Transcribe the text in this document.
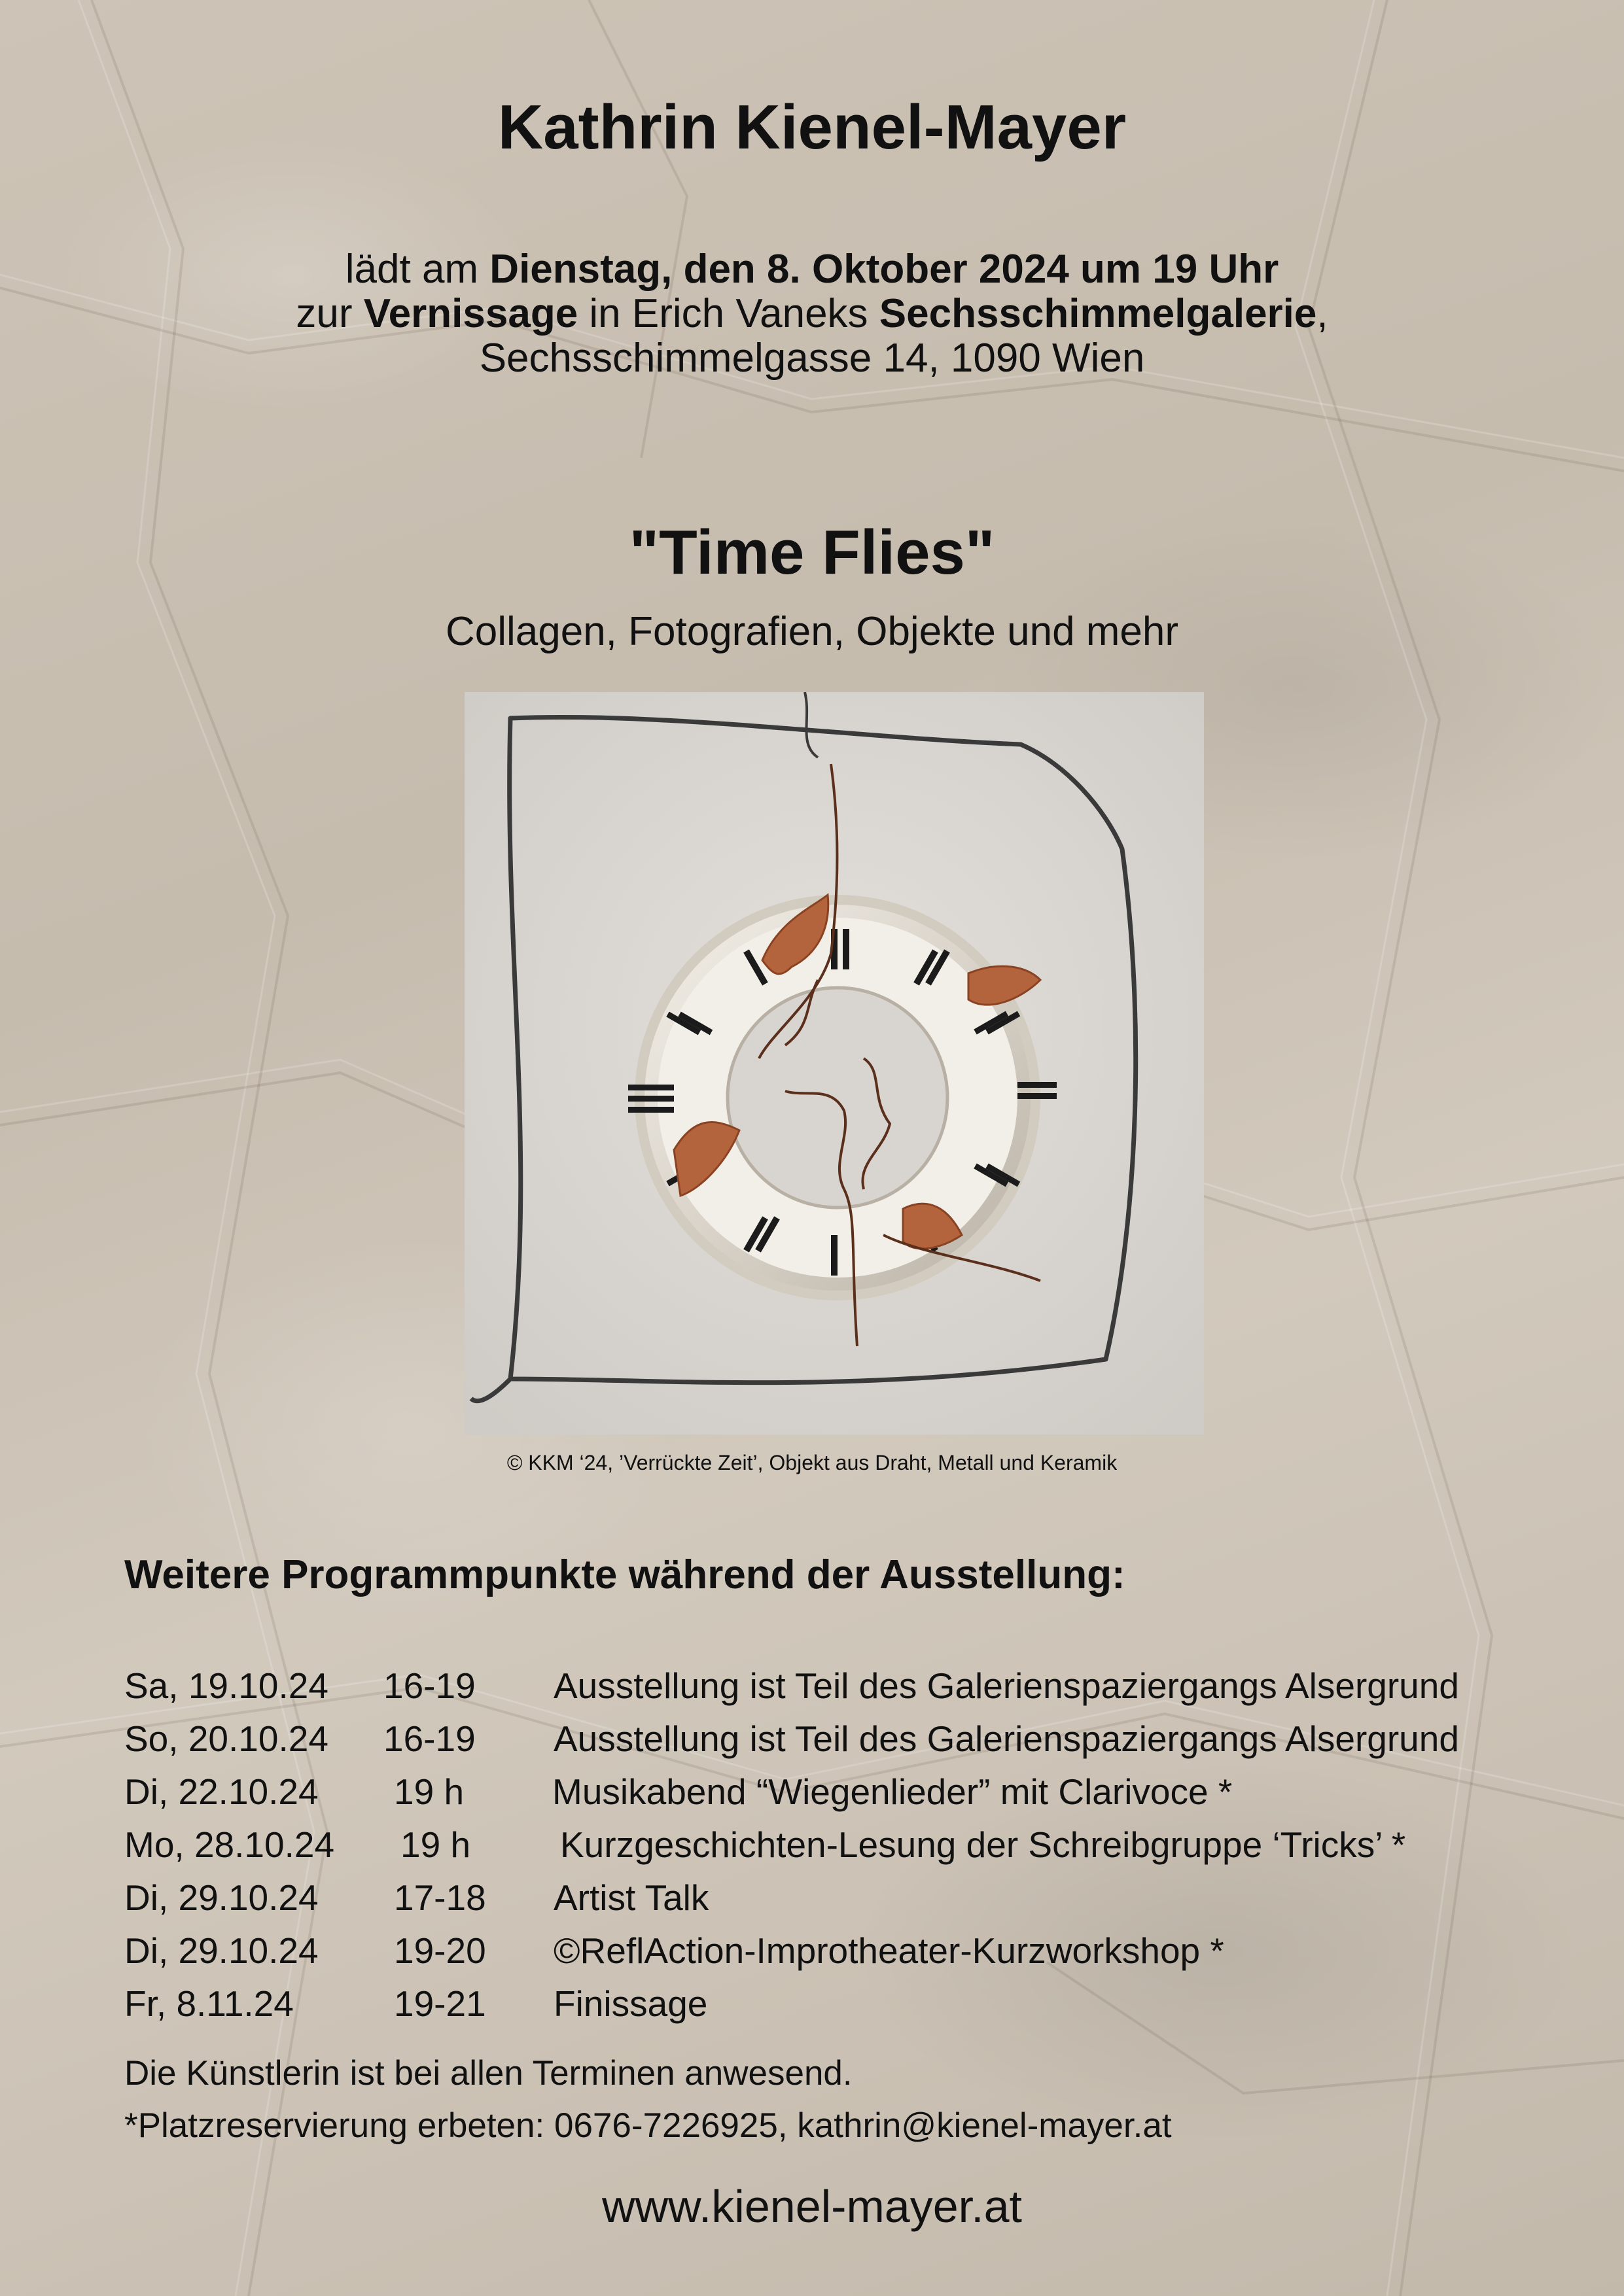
Kathrin Kienel-Mayer
lädt am Dienstag, den 8. Oktober 2024 um 19 Uhr
zur Vernissage in Erich Vaneks Sechsschimmelgalerie,
Sechsschimmelgasse 14, 1090 Wien
"Time Flies"
Collagen, Fotografien, Objekte und mehr
© KKM ‘24, ’Verrückte Zeit’, Objekt aus Draht, Metall und Keramik
Weitere Programmpunkte während der Ausstellung:
Sa, 19.10.24 16-19 Ausstellung ist Teil des Galerienspaziergangs Alsergrund
So, 20.10.24 16-19 Ausstellung ist Teil des Galerienspaziergangs Alsergrund
Di, 22.10.24 19 h Musikabend “Wiegenlieder” mit Clarivoce *
Mo, 28.10.24 19 h Kurzgeschichten-Lesung der Schreibgruppe ‘Tricks’ *
Di, 29.10.24 17-18 Artist Talk
Di, 29.10.24 19-20 ©ReflAction-Improtheater-Kurzworkshop *
Fr, 8.11.24	19-21 Finissage
Die Künstlerin ist bei allen Terminen anwesend.
*Platzreservierung erbeten: 0676-7226925, kathrin@kienel-mayer.at
www.kienel-mayer.at
